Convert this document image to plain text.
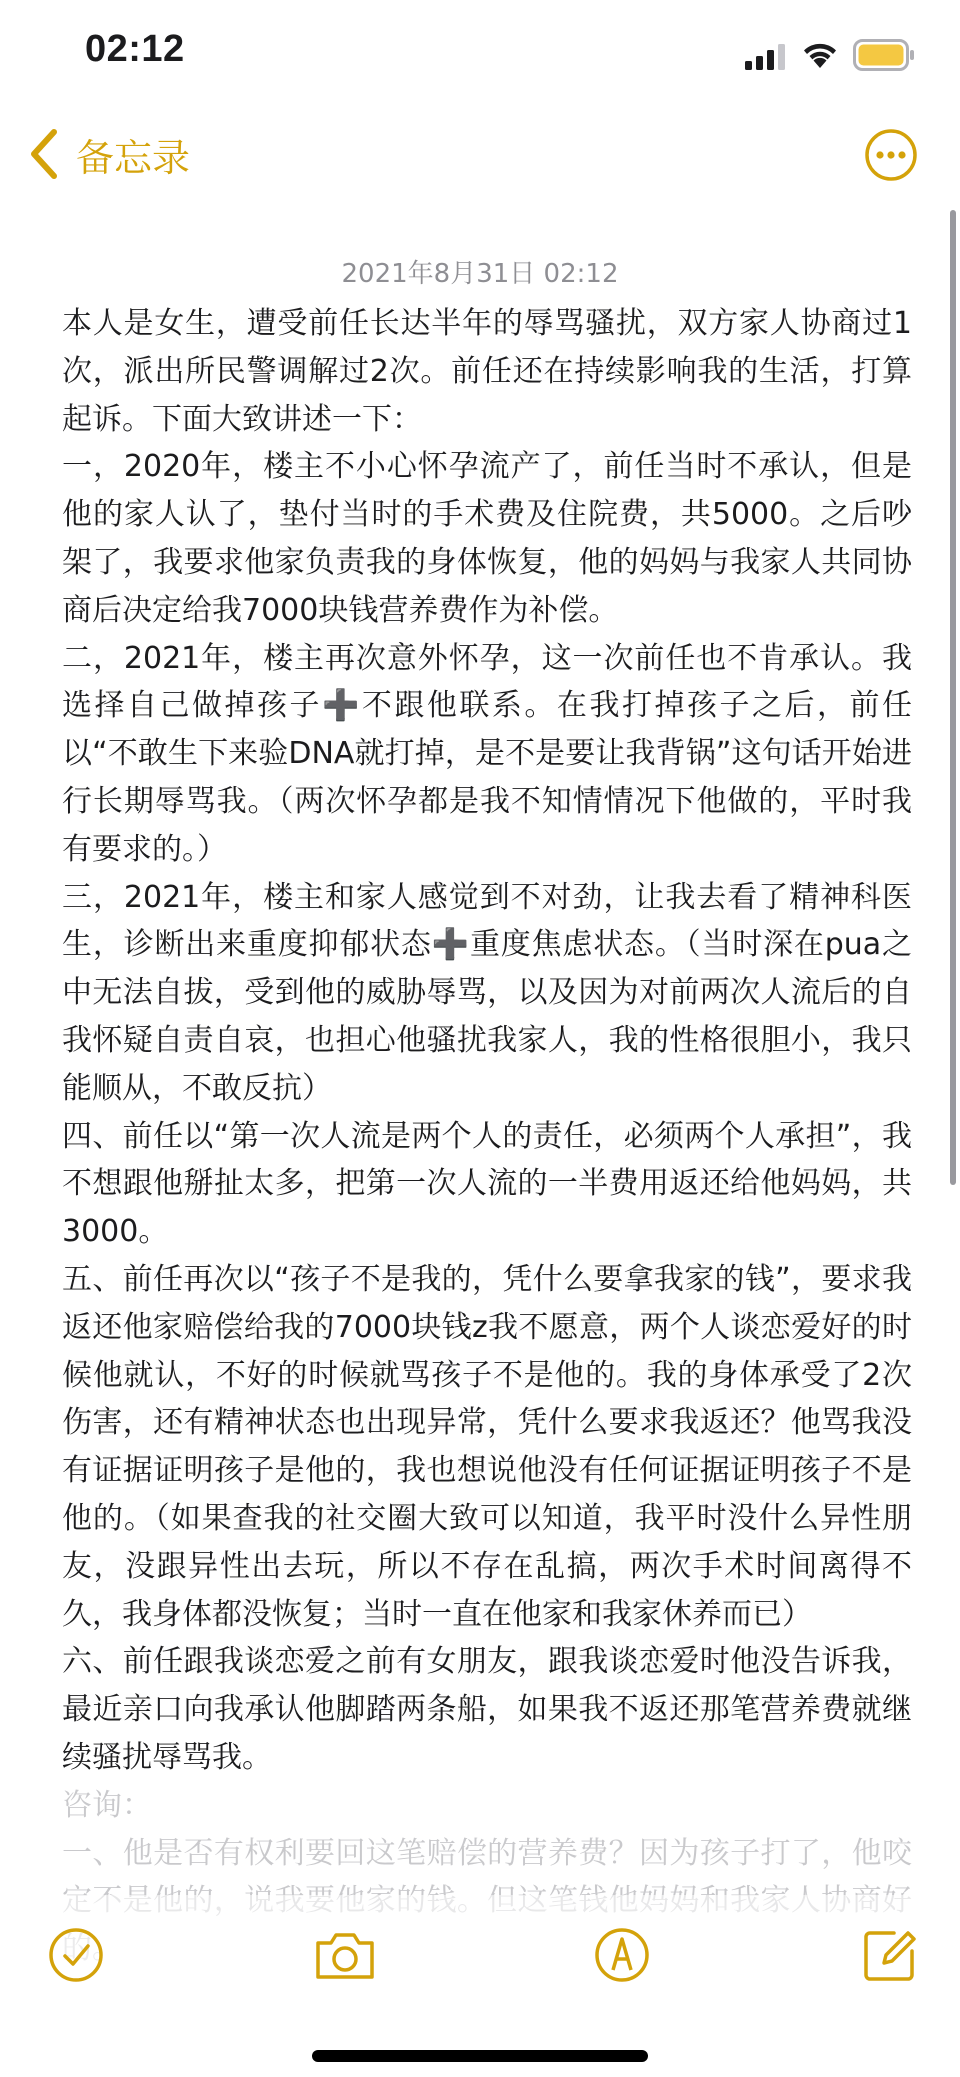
02:12
备忘录
2021年8月31日 02:12

本人是女生，遭受前任长达半年的辱骂骚扰，双方家人协商过1次，派出所民警调解过2次。前任还在持续影响我的生活，打算起诉。下面大致讲述一下：

一，2020年，楼主不小心怀孕流产了，前任当时不承认，但是他的家人认了，垫付当时的手术费及住院费，共5000。之后吵架了，我要求他家负责我的身体恢复，他的妈妈与我家人共同协商后决定给我7000块钱营养费作为补偿。

二，2021年，楼主再次意外怀孕，这一次前任也不肯承认。我选择自己做掉孩子➕不跟他联系。在我打掉孩子之后，前任以“不敢生下来验DNA就打掉，是不是要让我背锅”这句话开始进行长期辱骂我。（两次怀孕都是我不知情情况下他做的，平时我有要求的。）

三，2021年，楼主和家人感觉到不对劲，让我去看了精神科医生，诊断出来重度抑郁状态➕重度焦虑状态。（当时深在pua之中无法自拔，受到他的威胁辱骂，以及因为对前两次人流后的自我怀疑自责自哀，也担心他骚扰我家人，我的性格很胆小，我只能顺从，不敢反抗）

四、前任以“第一次人流是两个人的责任，必须两个人承担”，我不想跟他掰扯太多，把第一次人流的一半费用返还给他妈妈，共3000。

五、前任再次以“孩子不是我的，凭什么要拿我家的钱”，要求我返还他家赔偿给我的7000块钱z我不愿意，两个人谈恋爱好的时候他就认，不好的时候就骂孩子不是他的。我的身体承受了2次伤害，还有精神状态也出现异常，凭什么要求我返还？他骂我没有证据证明孩子是他的，我也想说他没有任何证据证明孩子不是他的。（如果查我的社交圈大致可以知道，我平时没什么异性朋友，没跟异性出去玩，所以不存在乱搞，两次手术时间离得不久，我身体都没恢复；当时一直在他家和我家休养而已）

六、前任跟我谈恋爱之前有女朋友，跟我谈恋爱时他没告诉我，最近亲口向我承认他脚踏两条船，如果我不返还那笔营养费就继续骚扰辱骂我。

咨询：

一、他是否有权利要回这笔赔偿的营养费？因为孩子打了，他咬
